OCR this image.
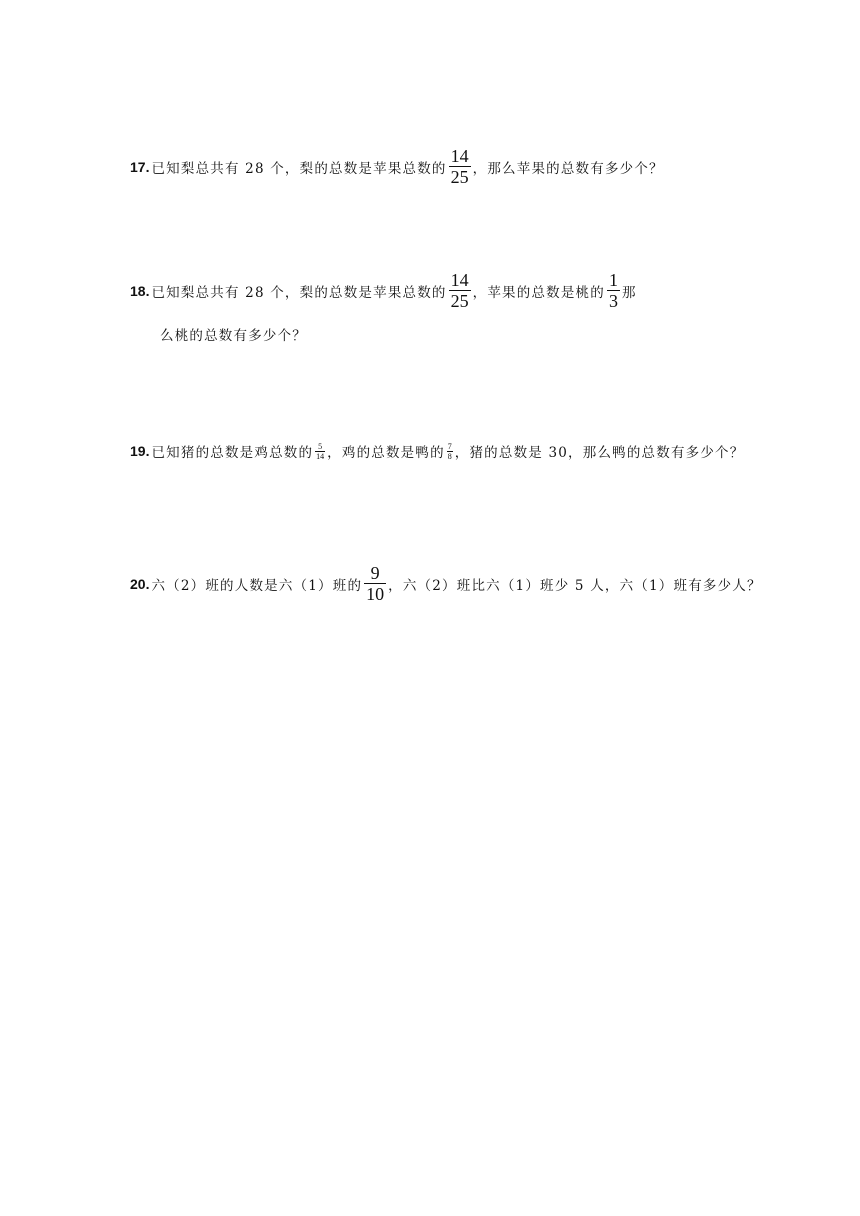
17. 已知梨总共有 28 个，梨的总数是苹果总数的 $\frac{14}{25}$ ，那么苹果的总数有多少个？
18. 已知梨总共有 28 个，梨的总数是苹果总数的 $\frac{14}{25}$ ，苹果的总数是桃的 $\frac{1}{3}$ 那
么桃的总数有多少个？
19. 已知猪的总数是鸡总数的 $\frac{5}{14}$ ，鸡的总数是鸭的 $\frac{7}{8}$ ，猪的总数是 30，那么鸭的总数有多少个？
20. 六（2）班的人数是六（1）班的 $\frac{9}{10}$ ，六（2）班比六（1）班少 5 人，六（1）班有多少人？
